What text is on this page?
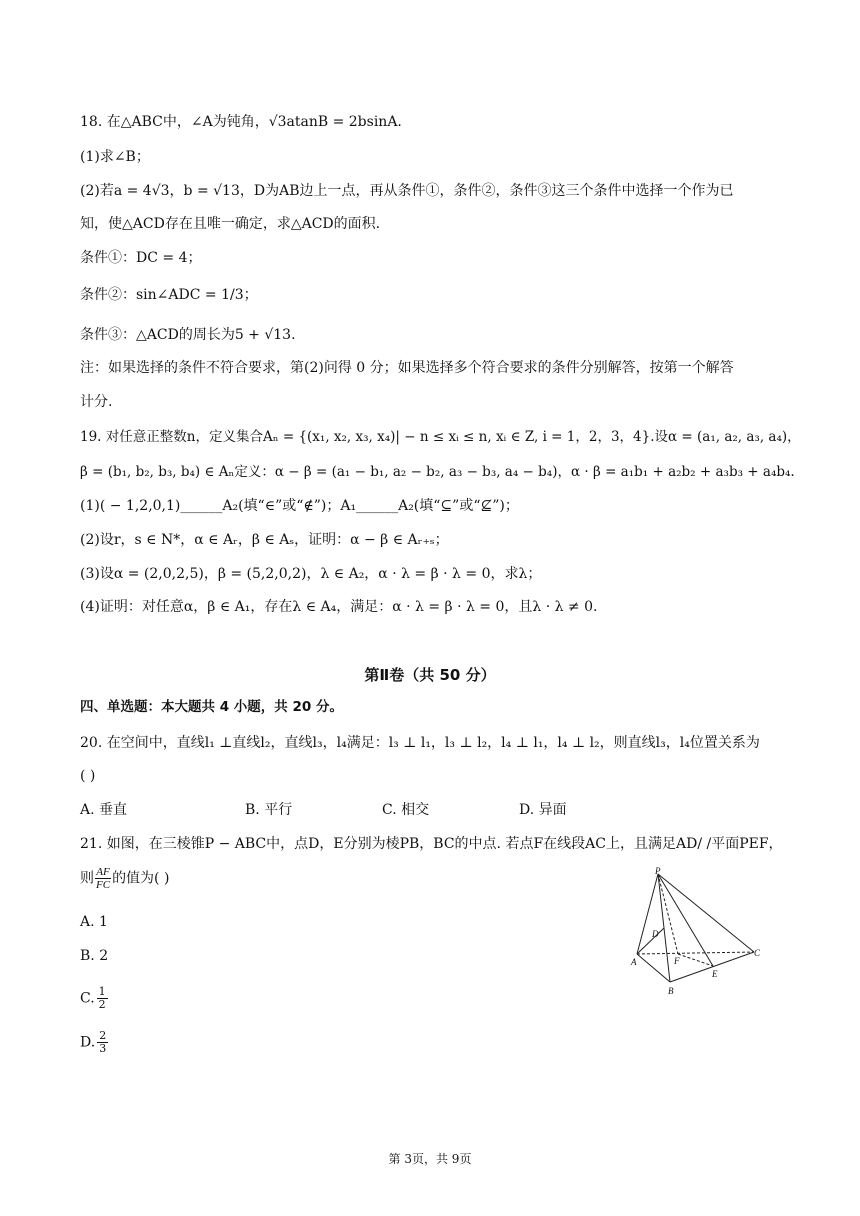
18. 在△ABC中，∠A为钝角，√3atanB = 2bsinA.
(1)求∠B；
(2)若a = 4√3，b = √13，D为AB边上一点，再从条件①，条件②，条件③这三个条件中选择一个作为已
知，使△ACD存在且唯一确定，求△ACD的面积.
条件①：DC = 4；
条件②：sin∠ADC = 1/3；
条件③：△ACD的周长为5 + √13.
注：如果选择的条件不符合要求，第(2)问得 0 分；如果选择多个符合要求的条件分别解答，按第一个解答
计分.
19. 对任意正整数n，定义集合Aₙ = {(x₁, x₂, x₃, x₄)| − n ≤ xᵢ ≤ n, xᵢ ∈ Z, i = 1，2，3，4}.设α = (a₁, a₂, a₃, a₄)，
β = (b₁, b₂, b₃, b₄) ∈ Aₙ定义：α − β = (a₁ − b₁, a₂ − b₂, a₃ − b₃, a₄ − b₄)，α · β = a₁b₁ + a₂b₂ + a₃b₃ + a₄b₄.
(1)( − 1,2,0,1)______A₂(填“∈”或“∉”)；A₁______A₂(填“⊆”或“⊈”)；
(2)设r，s ∈ N*，α ∈ Aᵣ，β ∈ Aₛ，证明：α − β ∈ Aᵣ₊ₛ；
(3)设α = (2,0,2,5)，β = (5,2,0,2)，λ ∈ A₂，α · λ = β · λ = 0，求λ；
(4)证明：对任意α，β ∈ A₁，存在λ ∈ A₄，满足：α · λ = β · λ = 0，且λ · λ ≠ 0.
第Ⅱ卷（共 50 分）
四、单选题：本大题共 4 小题，共 20 分。
20. 在空间中，直线l₁ ⊥直线l₂，直线l₃，l₄满足：l₃ ⊥ l₁，l₃ ⊥ l₂，l₄ ⊥ l₁，l₄ ⊥ l₂，则直线l₃，l₄位置关系为
( )
A. 垂直	B. 平行	C. 相交	D. 异面
21. 如图，在三棱锥P − ABC中，点D，E分别为棱PB，BC的中点. 若点F在线段AC上，且满足AD/ /平面PEF，
则 $\frac{AF}{FC}$ 的值为( )
A. 1
B. 2
C. $\frac{1}{2}$
D. $\frac{2}{3}$
P
D
A	F
E
C
B
第 3页，共 9页
